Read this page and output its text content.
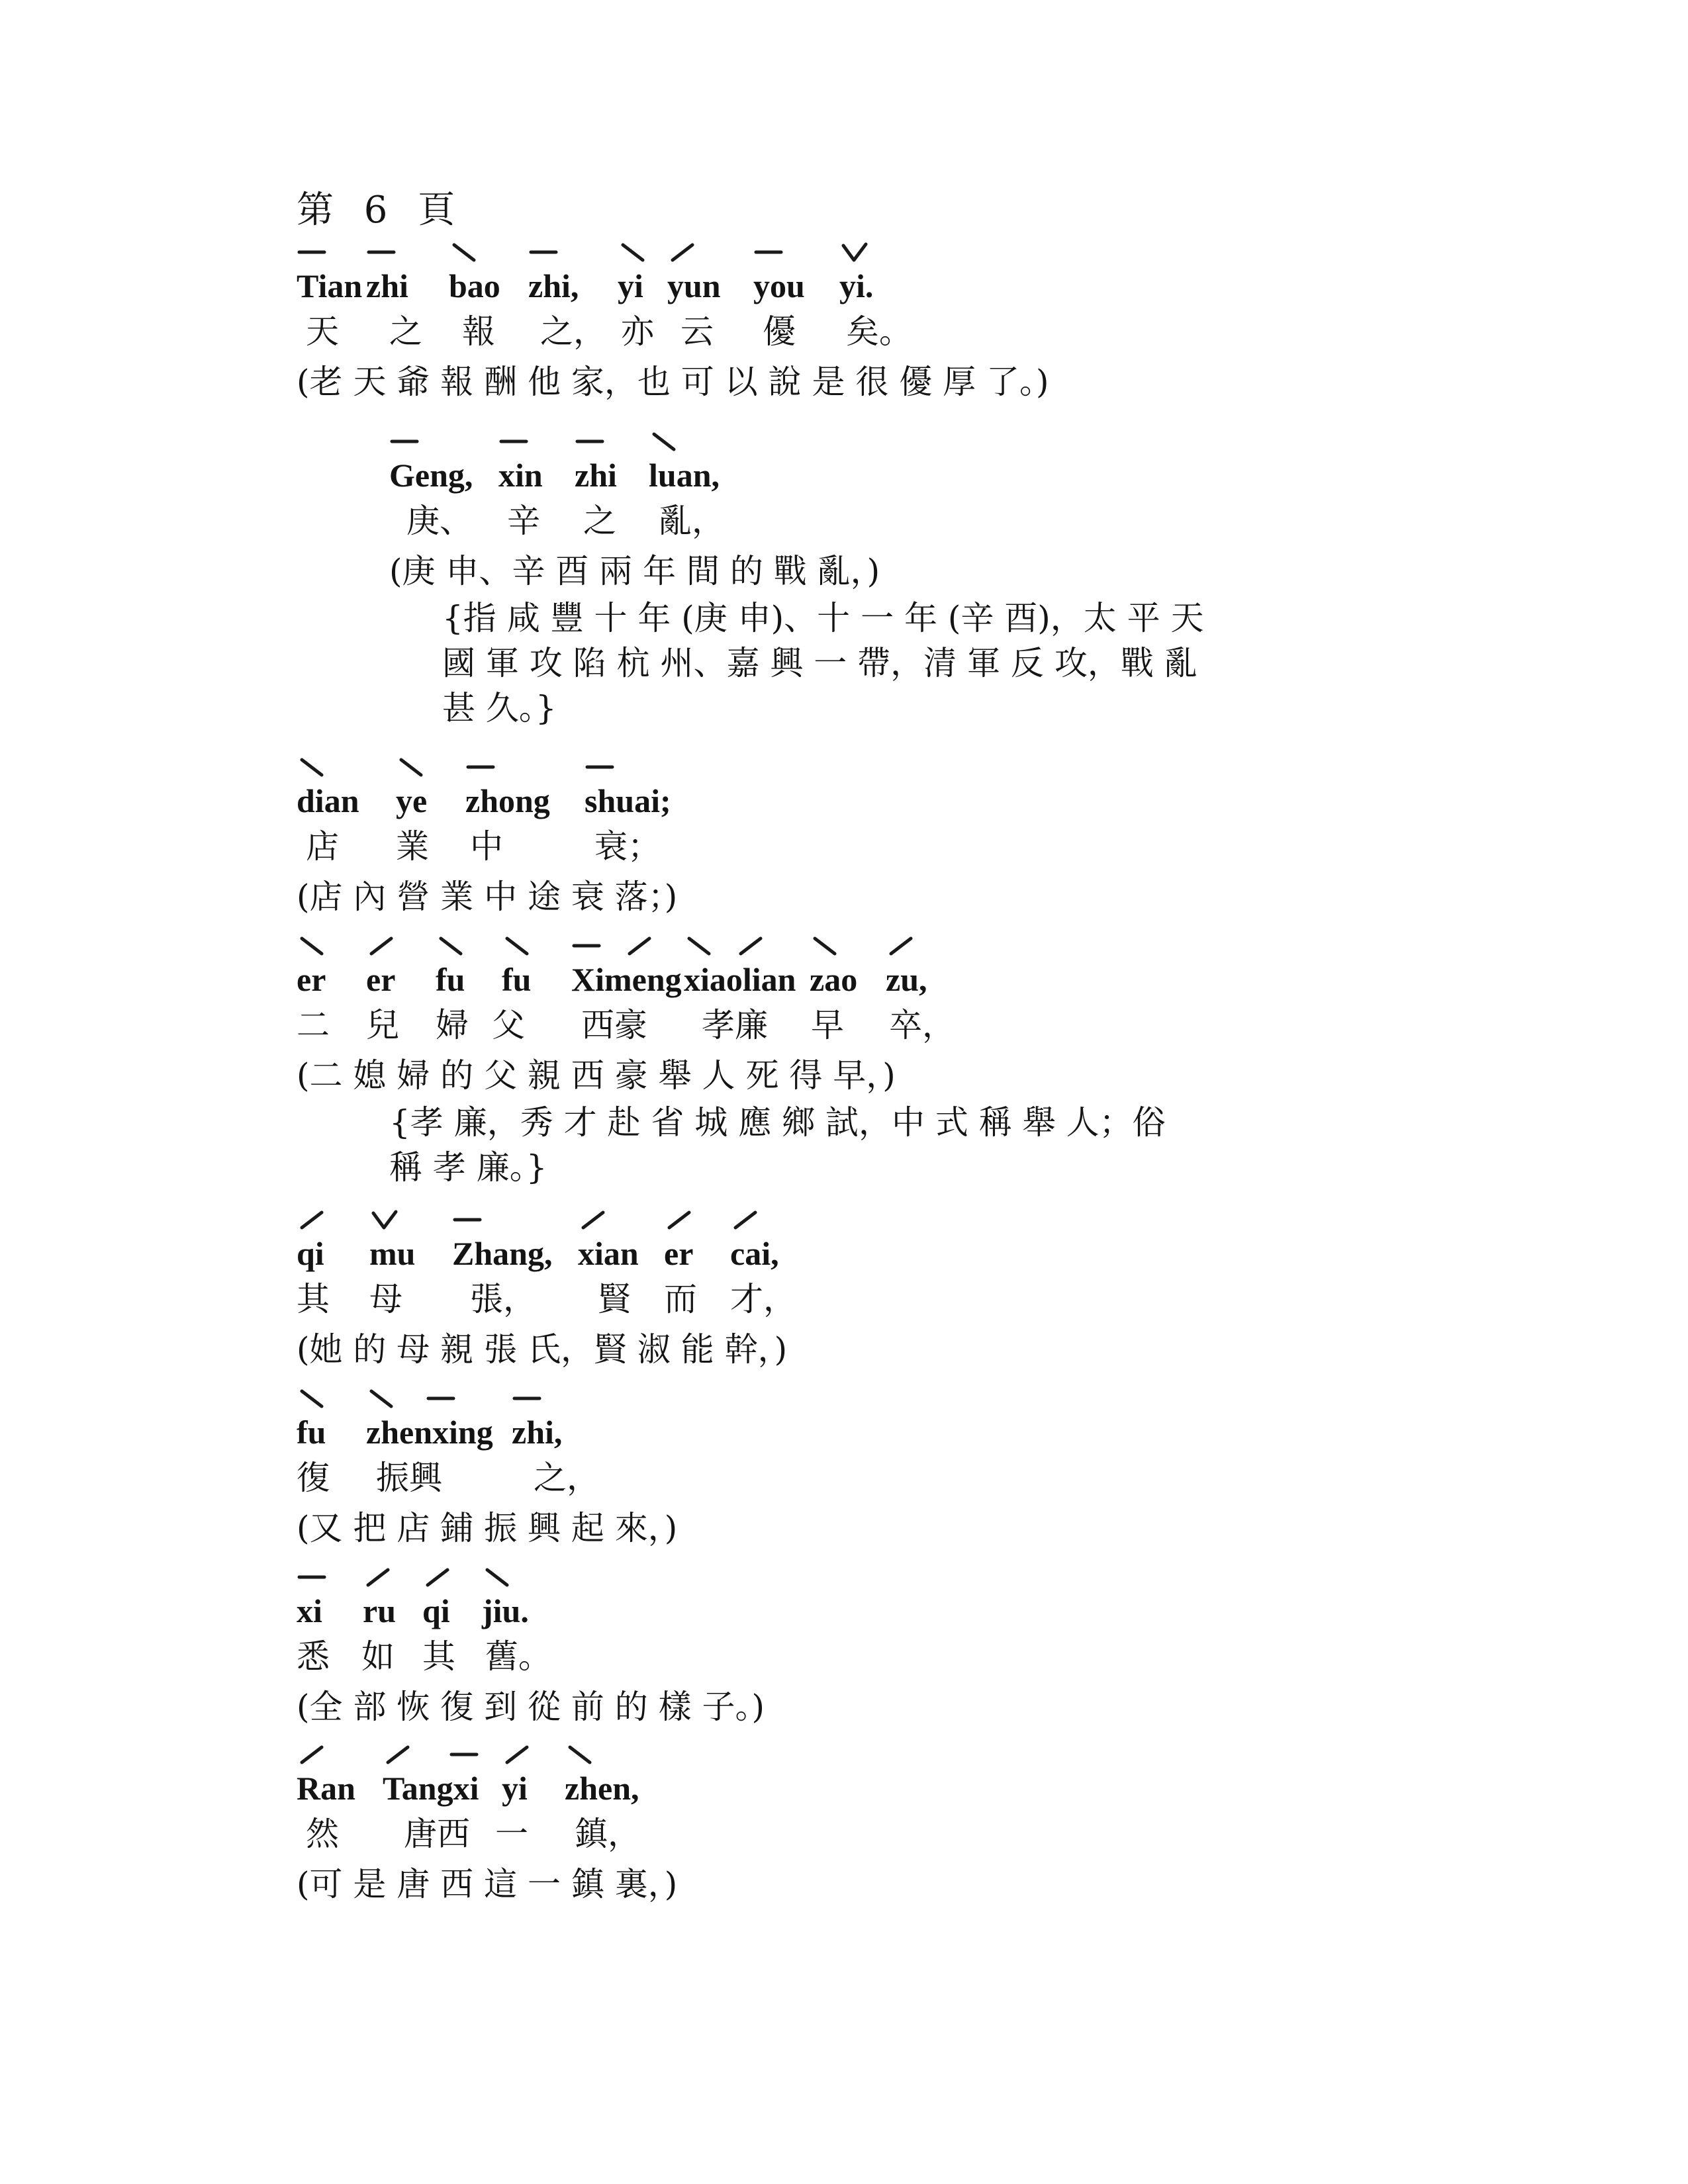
第 6 頁
Tian zhi bao zhi, yi yun you yi.
天 之 報 之， 亦 云 優 矣。
(老 天 爺 報 酬 他 家，也 可 以 說 是 很 優 厚 了。)
Geng, xin zhi luan,
庚、 辛 之 亂，
(庚 申、辛 酉 兩 年 間 的 戰 亂，)
{指 咸 豐 十 年 (庚 申)、十 一 年 (辛 酉)，太 平 天
國 軍 攻 陷 杭 州、嘉 興 一 帶，清 軍 反 攻，戰 亂
甚 久。}
dian ye zhong shuai;
店 業 中	衰；
(店 內 營 業 中 途 衰 落；)
er er fu fu Ximeng xiaolian zao zu,
二 兒 婦 父 西豪 孝廉 早 卒，
(二 媳 婦 的 父 親 西 豪 舉 人 死 得 早，)
{孝 廉，秀 才 赴 省 城 應 鄉 試，中 式 稱 舉 人；俗
稱 孝 廉。}
qi mu Zhang, xian er cai,
其 母 張， 賢 而 才，
(她 的 母 親 張 氏，賢 淑 能 幹，)
fu zhenxing zhi,
復 振興	之，
(又 把 店 鋪 振 興 起 來，)
xi ru qi jiu.
悉 如 其 舊。
(全 部 恢 復 到 從 前 的 樣 子。)
Ran Tangxi yi zhen,
然 唐西 一 鎮，
(可 是 唐 西 這 一 鎮 裏，)
